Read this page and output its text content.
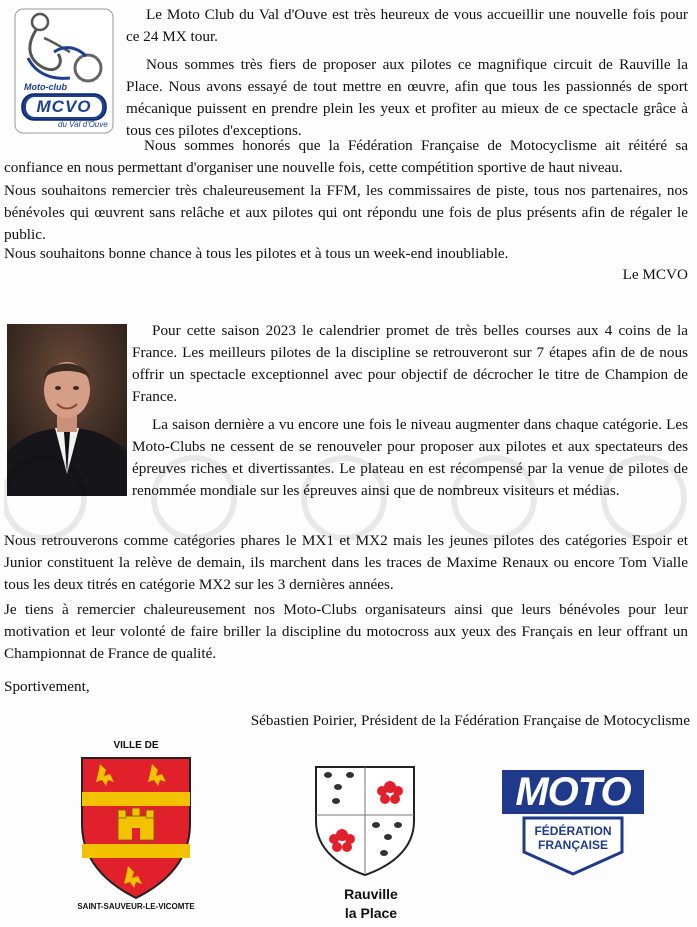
Moto-club
MCVO
du Val d'Ouve
Le Moto Club du Val d'Ouve est très heureux de vous accueillir une nouvelle fois pour ce 24 MX tour.
Nous sommes très fiers de proposer aux pilotes ce magnifique circuit de Rauville la Place. Nous avons essayé de tout mettre en œuvre, afin que tous les passionnés de sport mécanique puissent en prendre plein les yeux et profiter au mieux de ce spectacle grâce à tous ces pilotes d'exceptions.
Nous sommes honorés que la Fédération Française de Motocyclisme ait réitéré sa confiance en nous permettant d'organiser une nouvelle fois, cette compétition sportive de haut niveau.
Nous souhaitons remercier très chaleureusement la FFM, les commissaires de piste, tous nos partenaires, nos bénévoles qui œuvrent sans relâche et aux pilotes qui ont répondu une fois de plus présents afin de régaler le public.
Nous souhaitons bonne chance à tous les pilotes et à tous un week-end inoubliable.
Le MCVO
Pour cette saison 2023 le calendrier promet de très belles courses aux 4 coins de la France. Les meilleurs pilotes de la discipline se retrouveront sur 7 étapes afin de de nous offrir un spectacle exceptionnel avec pour objectif de décrocher le titre de Champion de France.
La saison dernière a vu encore une fois le niveau augmenter dans chaque catégorie. Les Moto-Clubs ne cessent de se renouveler pour proposer aux pilotes et aux spectateurs des épreuves riches et divertissantes. Le plateau en est récompensé par la venue de pilotes de renommée mondiale sur les épreuves ainsi que de nombreux visiteurs et médias.
Nous retrouverons comme catégories phares le MX1 et MX2 mais les jeunes pilotes des catégories Espoir et Junior constituent la relève de demain, ils marchent dans les traces de Maxime Renaux ou encore Tom Vialle tous les deux titrés en catégorie MX2 sur les 3 dernières années.
Je tiens à remercier chaleureusement nos Moto-Clubs organisateurs ainsi que leurs bénévoles pour leur motivation et leur volonté de faire briller la discipline du motocross aux yeux des Français en leur offrant un Championnat de France de qualité.
Sportivement,
Sébastien Poirier, Président de la Fédération Française de Motocyclisme
VILLE DE
SAINT-SAUVEUR-LE-VICOMTE
Rauville
la Place
MOTO
FÉDÉRATION
FRANÇAISE
